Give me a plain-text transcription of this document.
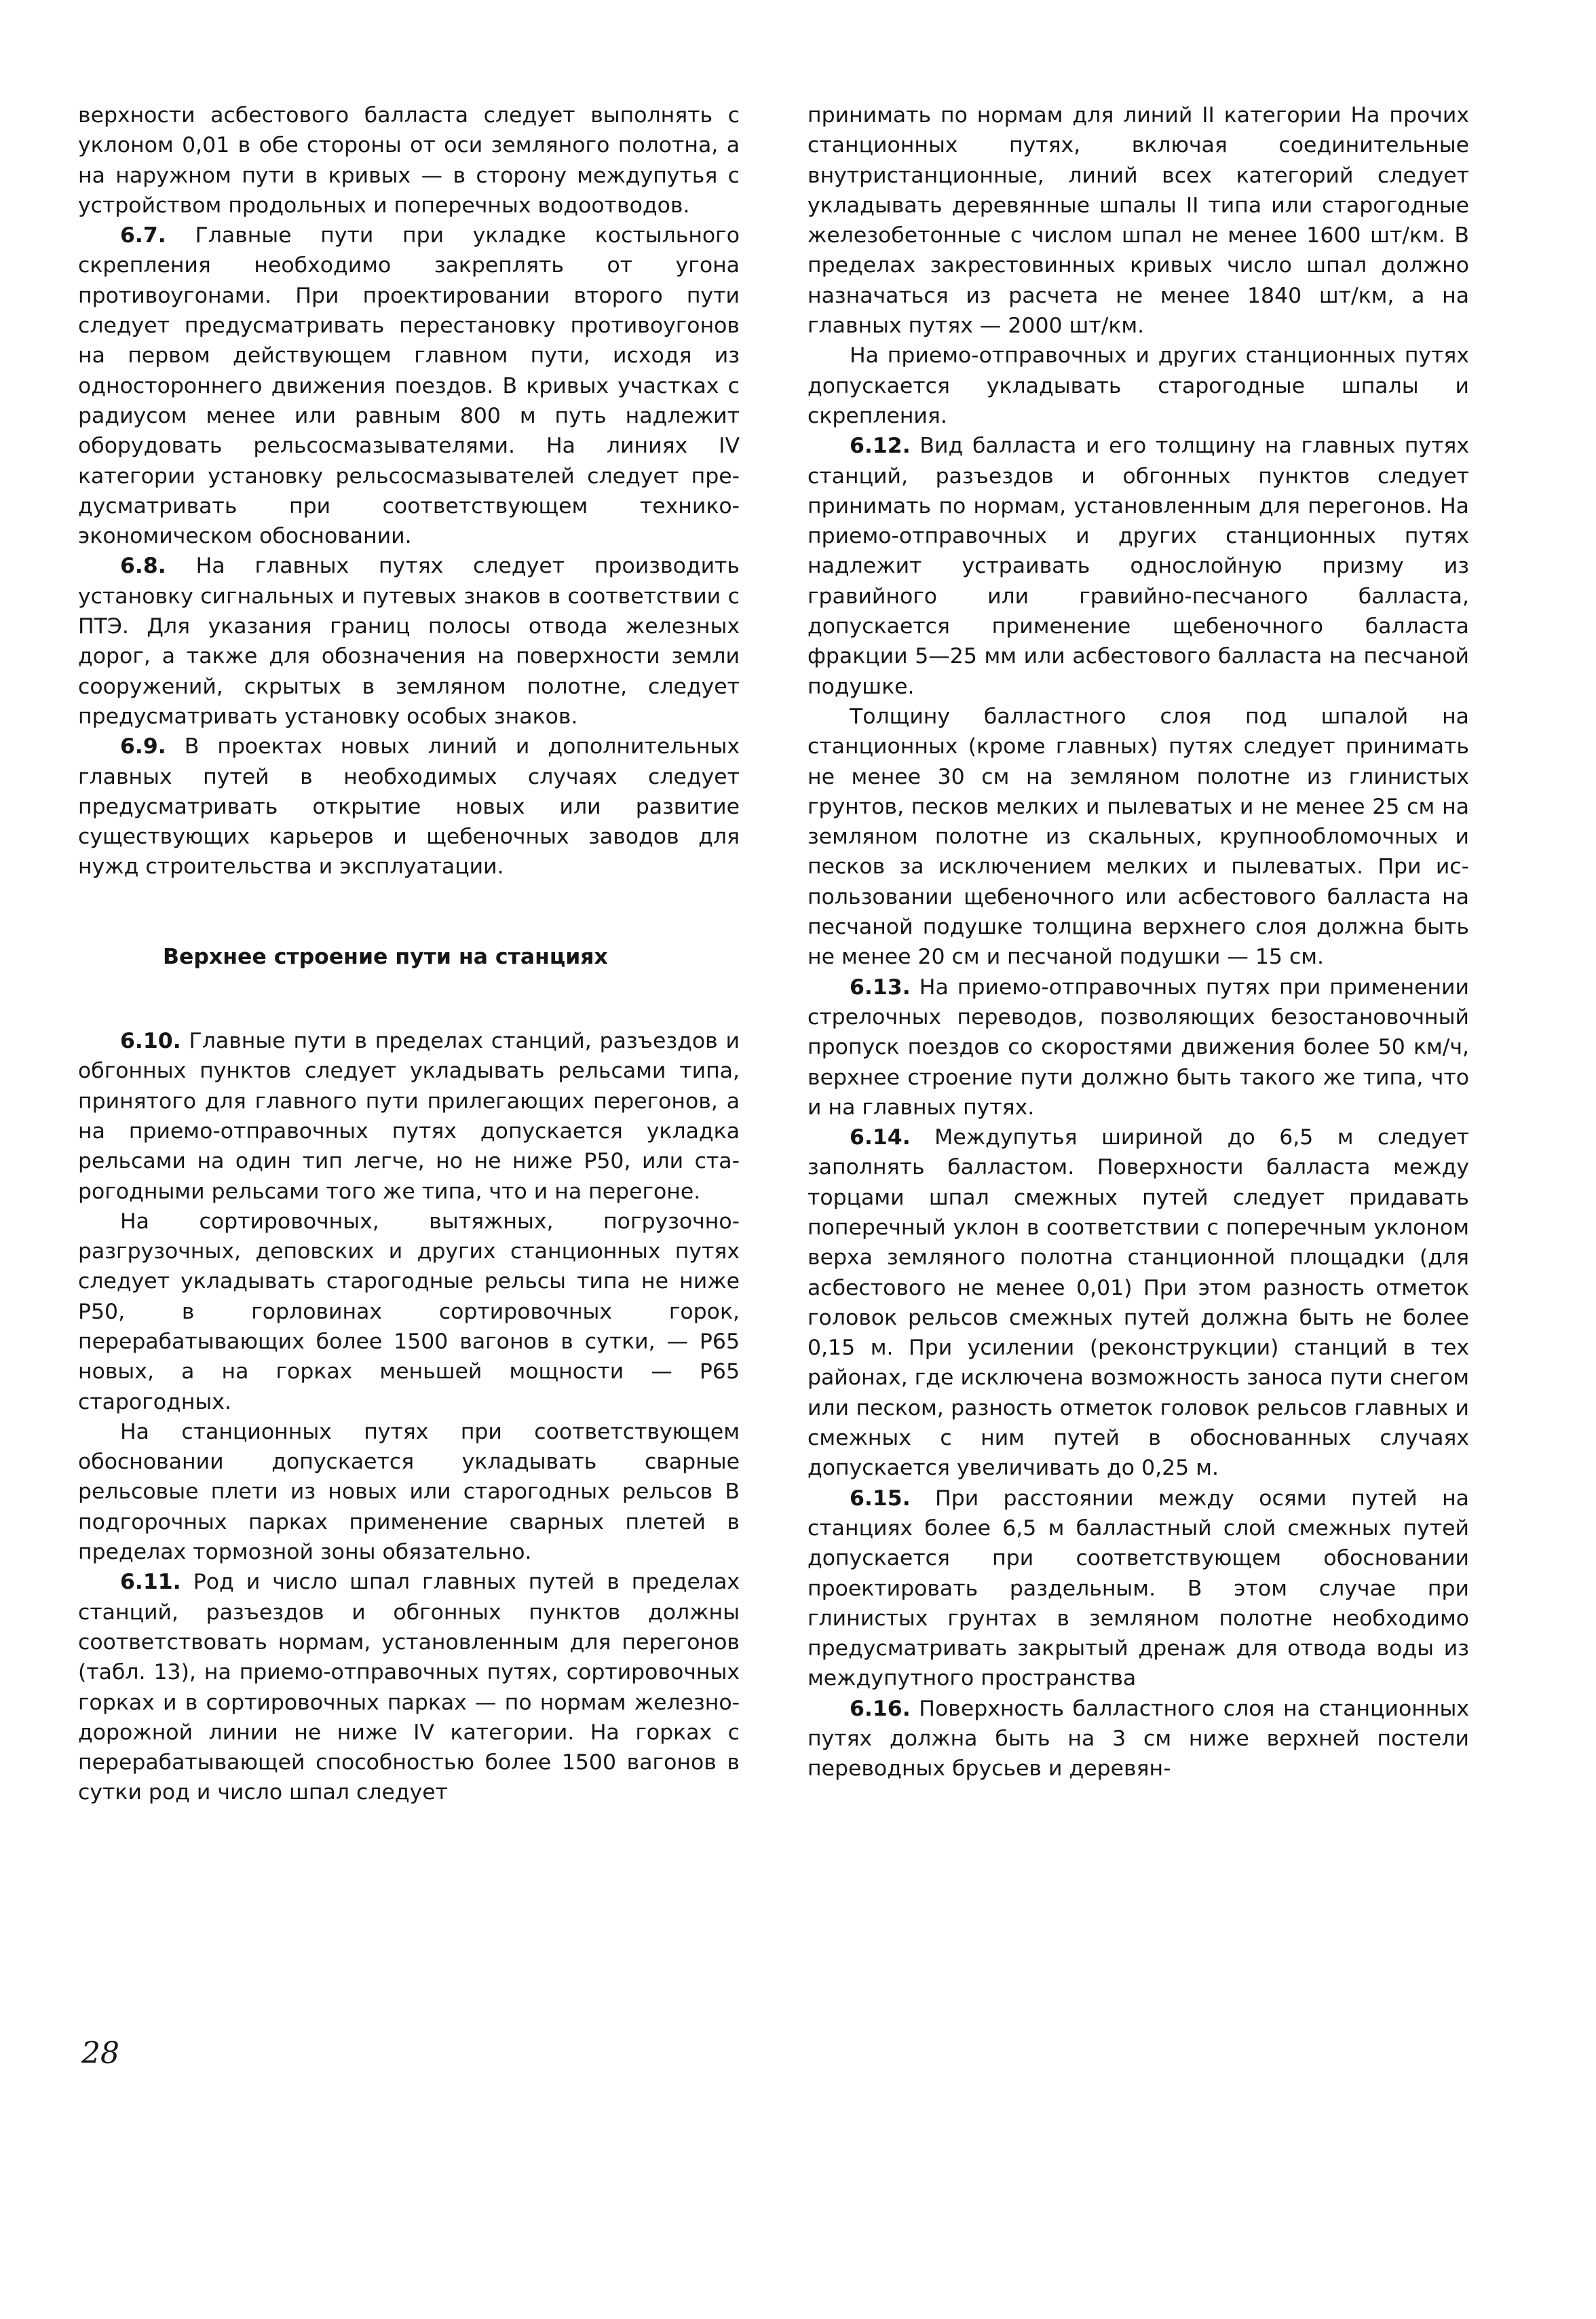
верхности асбестового балласта следует выполнять с уклоном 0,01 в обе стороны от оси земляного полотна, а на наружном пути в кривых — в сторону междупутья с устройством продольных и поперечных водоотводов.

6.7. Главные пути при укладке костыльного скрепления необходимо закреплять от угона противоугонами. При проектировании второго пути следует предусматривать перестановку противоугонов на первом действующем главном пути, исходя из одностороннего движения поездов. В кривых участках с радиусом менее или равным 800 м путь надлежит оборудовать рельсосмазывателями. На линиях IV категории установку рельсосмазывателей следует предусматривать при соответствующем технико-экономическом обосновании.

6.8. На главных путях следует производить установку сигнальных и путевых знаков в соответствии с ПТЭ. Для указания границ полосы отвода железных дорог, а также для обозначения на поверхности земли сооружений, скрытых в земляном полотне, следует предусматривать установку особых знаков.

6.9. В проектах новых линий и дополнительных главных путей в необходимых случаях следует предусматривать открытие новых или развитие существующих карьеров и щебеночных заводов для нужд строительства и эксплуатации.

Верхнее строение пути на станциях

6.10. Главные пути в пределах станций, разъездов и обгонных пунктов следует укладывать рельсами типа, принятого для главного пути прилегающих перегонов, а на приемо-отправочных путях допускается укладка рельсами на один тип легче, но не ниже Р50, или старогодными рельсами того же типа, что и на перегоне.

На сортировочных, вытяжных, погрузочно-разгрузочных, деповских и других станционных путях следует укладывать старогодные рельсы типа не ниже Р50, в горловинах сортировочных горок, перерабатывающих более 1500 вагонов в сутки, — Р65 новых, а на горках меньшей мощности — Р65 старогодных.

На станционных путях при соответствующем обосновании допускается укладывать сварные рельсовые плети из новых или старогодных рельсов В подгорочных парках применение сварных плетей в пределах тормозной зоны обязательно.

6.11. Род и число шпал главных путей в пределах станций, разъездов и обгонных пунктов должны соответствовать нормам, установленным для перегонов (табл. 13), на приемо-отправочных путях, сортировочных горках и в сортировочных парках — по нормам железнодорожной линии не ниже IV категории. На горках с перерабатывающей способностью более 1500 вагонов в сутки род и число шпал следует

принимать по нормам для линий II категории На прочих станционных путях, включая соединительные внутристанционные, линий всех категорий следует укладывать деревянные шпалы II типа или старогодные железобетонные с числом шпал не менее 1600 шт/км. В пределах закрестовинных кривых число шпал должно назначаться из расчета не менее 1840 шт/км, а на главных путях — 2000 шт/км.

На приемо-отправочных и других станционных путях допускается укладывать старогодные шпалы и скрепления.

6.12. Вид балласта и его толщину на главных путях станций, разъездов и обгонных пунктов следует принимать по нормам, установленным для перегонов. На приемо-отправочных и других станционных путях надлежит устраивать однослойную призму из гравийного или гравийно-песчаного балласта, допускается применение щебеночного балласта фракции 5—25 мм или асбестового балласта на песчаной подушке.

Толщину балластного слоя под шпалой на станционных (кроме главных) путях следует принимать не менее 30 см на земляном полотне из глинистых грунтов, песков мелких и пылеватых и не менее 25 см на земляном полотне из скальных, крупнообломочных и песков за исключением мелких и пылеватых. При использовании щебеночного или асбестового балласта на песчаной подушке толщина верхнего слоя должна быть не менее 20 см и песчаной подушки — 15 см.

6.13. На приемо-отправочных путях при применении стрелочных переводов, позволяющих безостановочный пропуск поездов со скоростями движения более 50 км/ч, верхнее строение пути должно быть такого же типа, что и на главных путях.

6.14. Междупутья шириной до 6,5 м следует заполнять балластом. Поверхности балласта между торцами шпал смежных путей следует придавать поперечный уклон в соответствии с поперечным уклоном верха земляного полотна станционной площадки (для асбестового не менее 0,01) При этом разность отметок головок рельсов смежных путей должна быть не более 0,15 м. При усилении (реконструкции) станций в тех районах, где исключена возможность заноса пути снегом или песком, разность отметок головок рельсов главных и смежных с ним путей в обоснованных случаях допускается увеличивать до 0,25 м.

6.15. При расстоянии между осями путей на станциях более 6,5 м балластный слой смежных путей допускается при соответствующем обосновании проектировать раздельным. В этом случае при глинистых грунтах в земляном полотне необходимо предусматривать закрытый дренаж для отвода воды из междупутного пространства

6.16. Поверхность балластного слоя на станционных путях должна быть на 3 см ниже верхней постели переводных брусьев и деревян-

28
